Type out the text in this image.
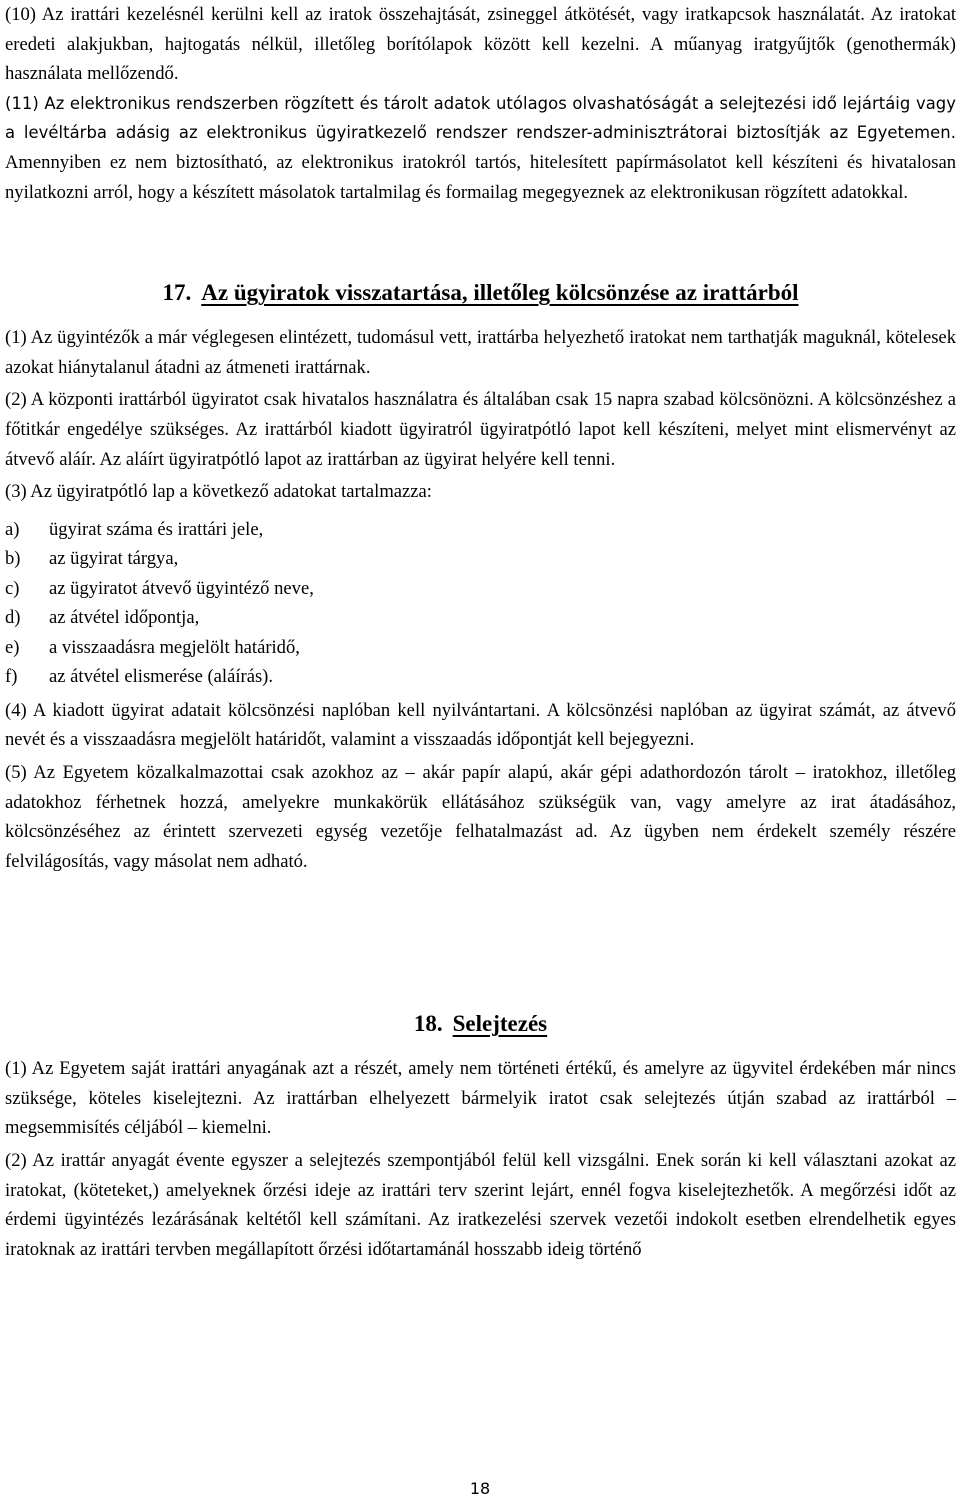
(10) Az irattári kezelésnél kerülni kell az iratok összehajtását, zsineggel átkötését, vagy iratkapcsok használatát. Az iratokat eredeti alakjukban, hajtogatás nélkül, illetőleg borítólapok között kell kezelni. A műanyag iratgyűjtők (genothermák) használata mellőzendő.

(11) Az elektronikus rendszerben rögzített és tárolt adatok utólagos olvashatóságát a selejtezési idő lejártáig vagy a levéltárba adásig az elektronikus ügyiratkezelő rendszer rendszer-adminisztrátorai biztosítják az Egyetemen. Amennyiben ez nem biztosítható, az elektronikus iratokról tartós, hitelesített papírmásolatot kell készíteni és hivatalosan nyilatkozni arról, hogy a készített másolatok tartalmilag és formailag megegyeznek az elektronikusan rögzített adatokkal.

17. Az ügyiratok visszatartása, illetőleg kölcsönzése az irattárból

(1) Az ügyintézők a már véglegesen elintézett, tudomásul vett, irattárba helyezhető iratokat nem tarthatják maguknál, kötelesek azokat hiánytalanul átadni az átmeneti irattárnak.

(2) A központi irattárból ügyiratot csak hivatalos használatra és általában csak 15 napra szabad kölcsönözni. A kölcsönzéshez a főtitkár engedélye szükséges. Az irattárból kiadott ügyiratról ügyiratpótló lapot kell készíteni, melyet mint elismervényt az átvevő aláír. Az aláírt ügyiratpótló lapot az irattárban az ügyirat helyére kell tenni.

(3) Az ügyiratpótló lap a következő adatokat tartalmazza:

a)	ügyirat száma és irattári jele,
b)	az ügyirat tárgya,
c)	az ügyiratot átvevő ügyintéző neve,
d)	az átvétel időpontja,
e)	a visszaadásra megjelölt határidő,
f)	az átvétel elismerése (aláírás).

(4) A kiadott ügyirat adatait kölcsönzési naplóban kell nyilvántartani. A kölcsönzési naplóban az ügyirat számát, az átvevő nevét és a visszaadásra megjelölt határidőt, valamint a visszaadás időpontját kell bejegyezni.

(5) Az Egyetem közalkalmazottai csak azokhoz az – akár papír alapú, akár gépi adathordozón tárolt – iratokhoz, illetőleg adatokhoz férhetnek hozzá, amelyekre munkakörük ellátásához szükségük van, vagy amelyre az irat átadásához, kölcsönzéséhez az érintett szervezeti egység vezetője felhatalmazást ad. Az ügyben nem érdekelt személy részére felvilágosítás, vagy másolat nem adható.

18. Selejtezés

(1) Az Egyetem saját irattári anyagának azt a részét, amely nem történeti értékű, és amelyre az ügyvitel érdekében már nincs szüksége, köteles kiselejtezni. Az irattárban elhelyezett bármelyik iratot csak selejtezés útján szabad az irattárból – megsemmisítés céljából – kiemelni.

(2) Az irattár anyagát évente egyszer a selejtezés szempontjából felül kell vizsgálni. Enek során ki kell választani azokat az iratokat, (köteteket,) amelyeknek őrzési ideje az irattári terv szerint lejárt, ennél fogva kiselejtezhetők. A megőrzési időt az érdemi ügyintézés lezárásának keltétől kell számítani. Az iratkezelési szervek vezetői indokolt esetben elrendelhetik egyes iratoknak az irattári tervben megállapított őrzési időtartamánál hosszabb ideig történő

18
